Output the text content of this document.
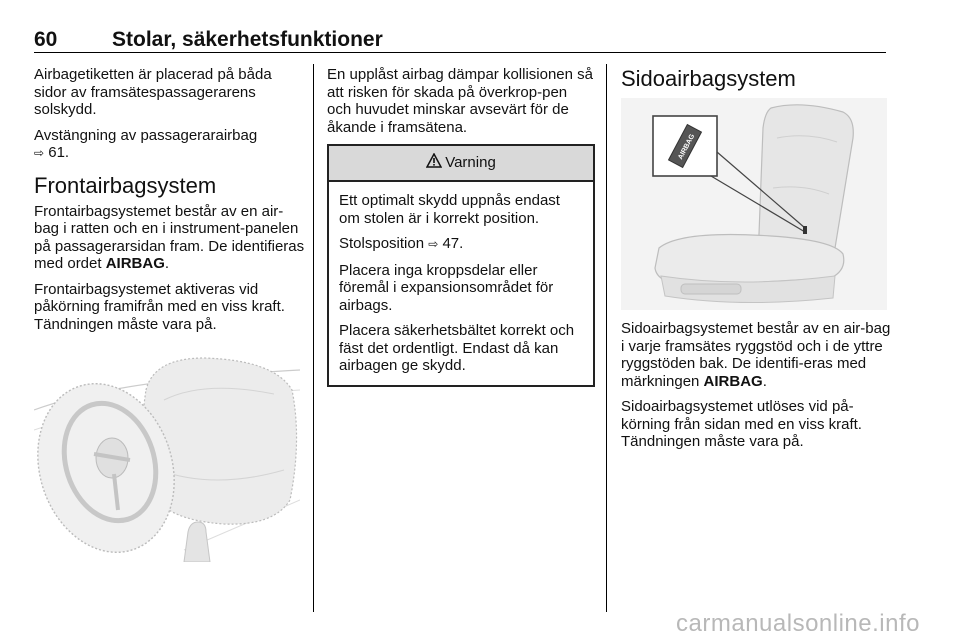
60	Stolar, säkerhetsfunktioner

Airbagetiketten är placerad på båda sidor av framsätespassagerarens solskydd.

Avstängning av passagerarairbag
⇨ 61.

Frontairbagsystem

Frontairbagsystemet består av en air-bag i ratten och en i instrument-panelen på passagerarsidan fram. De identifieras med ordet AIRBAG.

Frontairbagsystemet aktiveras vid påkörning framifrån med en viss kraft. Tändningen måste vara på.

En upplåst airbag dämpar kollisionen så att risken för skada på överkrop-pen och huvudet minskar avsevärt för de åkande i framsätena.

Varning

Ett optimalt skydd uppnås endast om stolen är i korrekt position.

Stolsposition ⇨ 47.

Placera inga kroppsdelar eller föremål i expansionsområdet för airbags.

Placera säkerhetsbältet korrekt och fäst det ordentligt. Endast då kan airbagen ge skydd.

Sidoairbagsystem
AIRBAG

Sidoairbagsystemet består av en air-bag i varje framsätes ryggstöd och i de yttre ryggstöden bak. De identifi-eras med märkningen AIRBAG.

Sidoairbagsystemet utlöses vid på-körning från sidan med en viss kraft. Tändningen måste vara på.

carmanualsonline.info
